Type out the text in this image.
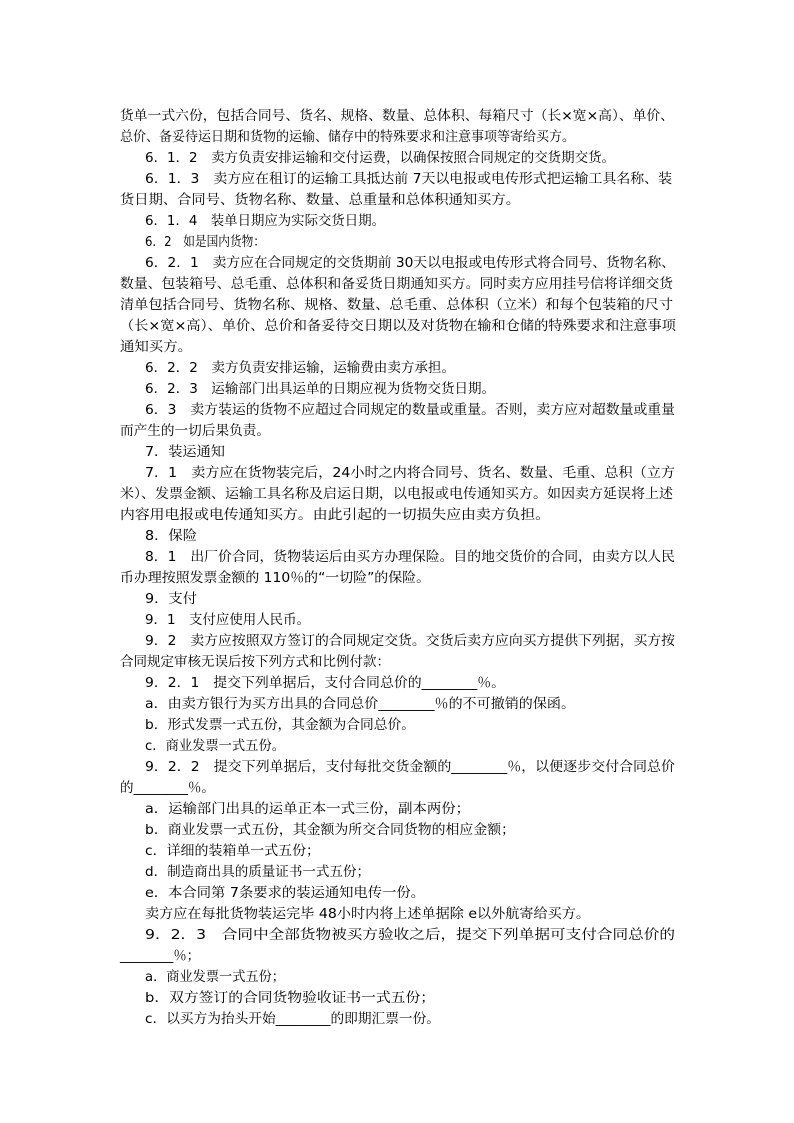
货单一式六份，包括合同号、货名、规格、数量、总体积、每箱尺寸（长×宽×高）、单价、
总价、备妥待运日期和货物的运输、储存中的特殊要求和注意事项等寄给买方。
6．1．2　卖方负责安排运输和交付运费，以确保按照合同规定的交货期交货。
6．1．3　卖方应在租订的运输工具抵达前 7天以电报或电传形式把运输工具名称、装
货日期、合同号、货物名称、数量、总重量和总体积通知买方。
6．1．4　装单日期应为实际交货日期。
6．2　如是国内货物：
6．2．1　卖方应在合同规定的交货期前 30天以电报或电传形式将合同号、货物名称、
数量、包装箱号、总毛重、总体积和备妥货日期通知买方。同时卖方应用挂号信将详细交货
清单包括合同号、货物名称、规格、数量、总毛重、总体积（立米）和每个包装箱的尺寸
（长×宽×高）、单价、总价和备妥待交日期以及对货物在输和仓储的特殊要求和注意事项
通知买方。
6．2．2　卖方负责安排运输，运输费由卖方承担。
6．2．3　运输部门出具运单的日期应视为货物交货日期。
6．3　卖方装运的货物不应超过合同规定的数量或重量。否则，卖方应对超数量或重量
而产生的一切后果负责。
7．装运通知
7．1　卖方应在货物装完后，24小时之内将合同号、货名、数量、毛重、总积（立方
米）、发票金额、运输工具名称及启运日期，以电报或电传通知买方。如因卖方延误将上述
内容用电报或电传通知买方。由此引起的一切损失应由卖方负担。
8．保险
8．1　出厂价合同，货物装运后由买方办理保险。目的地交货价的合同，由卖方以人民
币办理按照发票金额的 110％的“一切险”的保险。
9．支付
9．1　支付应使用人民币。
9．2　卖方应按照双方签订的合同规定交货。交货后卖方应向买方提供下列据，买方按
合同规定审核无误后按下列方式和比例付款：
9．2．1　提交下列单据后，支付合同总价的________％。
a．由卖方银行为买方出具的合同总价________％的不可撤销的保函。
b．形式发票一式五份，其金额为合同总价。
c．商业发票一式五份。
9．2．2　提交下列单据后，支付每批交货金额的________％，以便逐步交付合同总价
的________％。
a．运输部门出具的运单正本一式三份，副本两份；
b．商业发票一式五份，其金额为所交合同货物的相应金额；
c．详细的装箱单一式五份；
d．制造商出具的质量证书一式五份；
e．本合同第 7条要求的装运通知电传一份。
卖方应在每批货物装运完毕 48小时内将上述单据除 e以外航寄给买方。
9．2．3　合同中全部货物被买方验收之后，提交下列单据可支付合同总价的
________％；
a．商业发票一式五份；
b．双方签订的合同货物验收证书一式五份；
c．以买方为抬头开始________的即期汇票一份。
